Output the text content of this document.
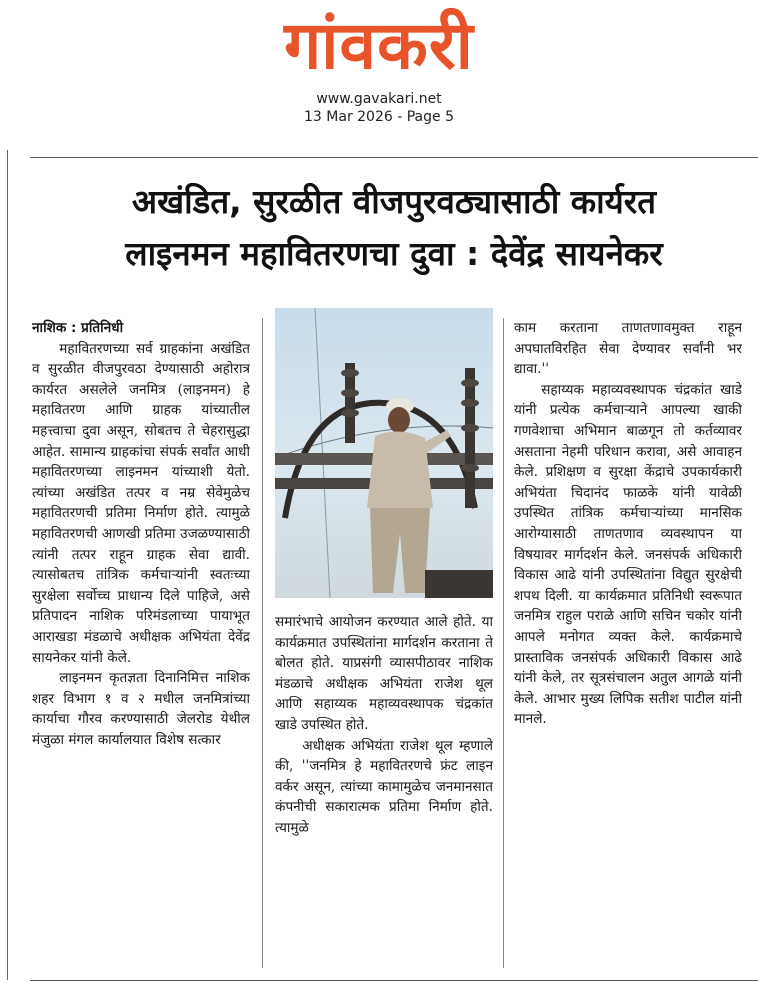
गांवकरी
www.gavakari.net
13 Mar 2026 - Page 5
अखंडित, सुरळीत वीजपुरवठ्यासाठी कार्यरत
लाइनमन महावितरणचा दुवा : देवेंद्र सायनेकर

नाशिक : प्रतिनिधी

महावितरणच्या सर्व ग्राहकांना अखंडित व सुरळीत वीजपुरवठा देण्यासाठी अहोरात्र कार्यरत असलेले जनमित्र (लाइनमन) हे महावितरण आणि ग्राहक यांच्यातील महत्त्वाचा दुवा असून, सोबतच ते चेहरासुद्धा आहेत. सामान्य ग्राहकांचा संपर्क सर्वांत आधी महावितरणच्या लाइनमन यांच्याशी येतो. त्यांच्या अखंडित तत्पर व नम्र सेवेमुळेच महावितरणची प्रतिमा निर्माण होते. त्यामुळे महावितरणची आणखी प्रतिमा उजळण्यासाठी त्यांनी तत्पर राहून ग्राहक सेवा द्यावी. त्यासोबतच तांत्रिक कर्मचाऱ्यांनी स्वतःच्या सुरक्षेला सर्वोच्च प्राधान्य दिले पाहिजे, असे प्रतिपादन नाशिक परिमंडलाच्या पायाभूत आराखडा मंडळाचे अधीक्षक अभियंता देवेंद्र सायनेकर यांनी केले.

लाइनमन कृतज्ञता दिनानिमित्त नाशिक शहर विभाग १ व २ मधील जनमित्रांच्या कार्याचा गौरव करण्यासाठी जेलरोड येथील मंजुळा मंगल कार्यालयात विशेष सत्कार

समारंभाचे आयोजन करण्यात आले होते. या कार्यक्रमात उपस्थितांना मार्गदर्शन करताना ते बोलत होते. याप्रसंगी व्यासपीठावर नाशिक मंडळाचे अधीक्षक अभियंता राजेश थूल आणि सहाय्यक महाव्यवस्थापक चंद्रकांत खाडे उपस्थित होते.

अधीक्षक अभियंता राजेश थूल म्हणाले की, ''जनमित्र हे महावितरणचे फ्रंट लाइन वर्कर असून, त्यांच्या कामामुळेच जनमानसात कंपनीची सकारात्मक प्रतिमा निर्माण होते. त्यामुळे

काम करताना ताणतणावमुक्त राहून अपघातविरहित सेवा देण्यावर सर्वांनी भर द्यावा.''

सहाय्यक महाव्यवस्थापक चंद्रकांत खाडे यांनी प्रत्येक कर्मचाऱ्याने आपल्या खाकी गणवेशाचा अभिमान बाळगून तो कर्तव्यावर असताना नेहमी परिधान करावा, असे आवाहन केले. प्रशिक्षण व सुरक्षा केंद्राचे उपकार्यकारी अभियंता चिदानंद फाळके यांनी यावेळी उपस्थित तांत्रिक कर्मचाऱ्यांच्या मानसिक आरोग्यासाठी ताणतणाव व्यवस्थापन या विषयावर मार्गदर्शन केले. जनसंपर्क अधिकारी विकास आढे यांनी उपस्थितांना विद्युत सुरक्षेची शपथ दिली. या कार्यक्रमात प्रतिनिधी स्वरूपात जनमित्र राहुल पराळे आणि सचिन चकोर यांनी आपले मनोगत व्यक्त केले. कार्यक्रमाचे प्रास्ताविक जनसंपर्क अधिकारी विकास आढे यांनी केले, तर सूत्रसंचालन अतुल आगळे यांनी केले. आभार मुख्य लिपिक सतीश पाटील यांनी मानले.
